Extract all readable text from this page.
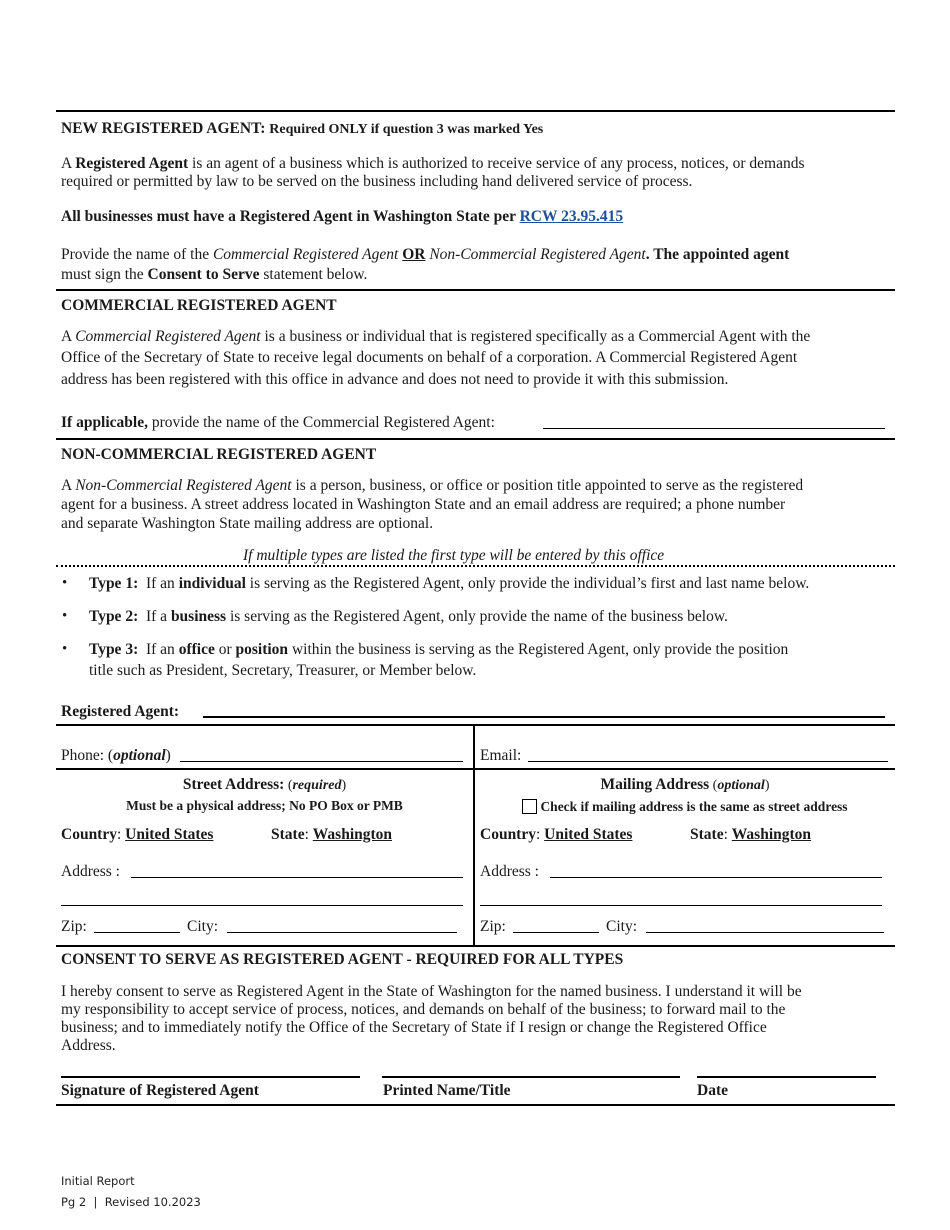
NEW REGISTERED AGENT: Required ONLY if question 3 was marked Yes
A Registered Agent is an agent of a business which is authorized to receive service of any process, notices, or demands
required or permitted by law to be served on the business including hand delivered service of process.
All businesses must have a Registered Agent in Washington State per RCW 23.95.415
Provide the name of the Commercial Registered Agent OR Non-Commercial Registered Agent. The appointed agent
must sign the Consent to Serve statement below.
COMMERCIAL REGISTERED AGENT
A Commercial Registered Agent is a business or individual that is registered specifically as a Commercial Agent with the
Office of the Secretary of State to receive legal documents on behalf of a corporation. A Commercial Registered Agent
address has been registered with this office in advance and does not need to provide it with this submission.
If applicable, provide the name of the Commercial Registered Agent:
NON-COMMERCIAL REGISTERED AGENT
A Non-Commercial Registered Agent is a person, business, or office or position title appointed to serve as the registered
agent for a business. A street address located in Washington State and an email address are required; a phone number
and separate Washington State mailing address are optional.
If multiple types are listed the first type will be entered by this office
• Type 1:  If an individual is serving as the Registered Agent, only provide the individual’s first and last name below.
• Type 2:  If a business is serving as the Registered Agent, only provide the name of the business below.
• Type 3:  If an office or position within the business is serving as the Registered Agent, only provide the position
title such as President, Secretary, Treasurer, or Member below.
Registered Agent:
Phone: (optional)	Email:
Street Address: (required)
Must be a physical address; No PO Box or PMB
Country: United States	State: Washington
Address :
Zip:	City:
Mailing Address (optional)
Check if mailing address is the same as street address
Country: United States	State: Washington
Address :
Zip:	City:
CONSENT TO SERVE AS REGISTERED AGENT - REQUIRED FOR ALL TYPES
I hereby consent to serve as Registered Agent in the State of Washington for the named business. I understand it will be
my responsibility to accept service of process, notices, and demands on behalf of the business; to forward mail to the
business; and to immediately notify the Office of the Secretary of State if I resign or change the Registered Office
Address.
Signature of Registered Agent	Printed Name/Title	Date
Initial Report
Pg 2  |  Revised 10.2023
